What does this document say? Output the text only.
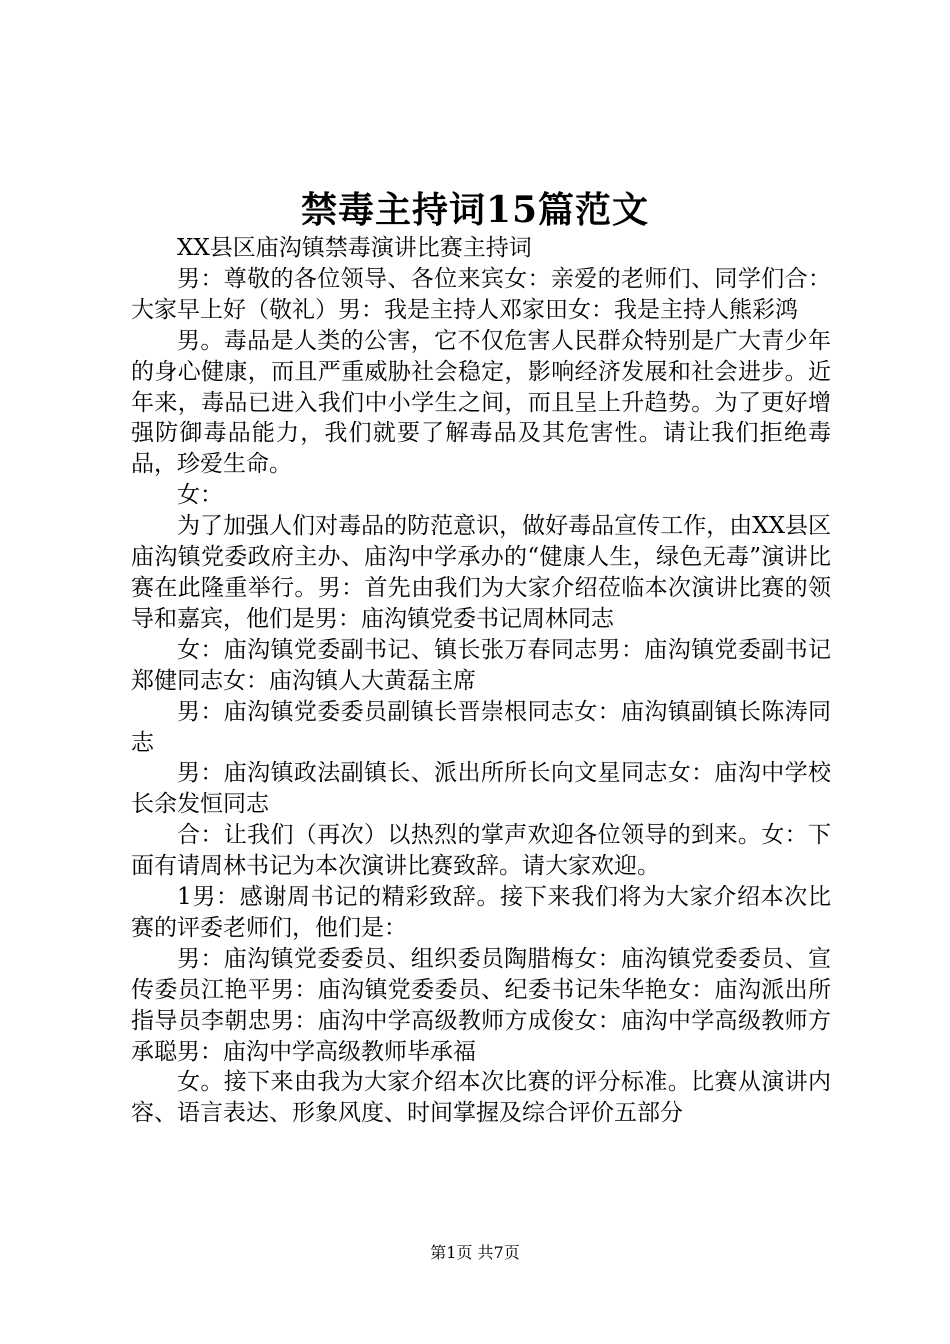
禁毒主持词15篇范文

XX县区庙沟镇禁毒演讲比赛主持词

男：尊敬的各位领导、各位来宾女：亲爱的老师们、同学们合：大家早上好（敬礼）男：我是主持人邓家田女：我是主持人熊彩鸿

男。毒品是人类的公害，它不仅危害人民群众特别是广大青少年的身心健康，而且严重威胁社会稳定，影响经济发展和社会进步。近年来，毒品已进入我们中小学生之间，而且呈上升趋势。为了更好增强防御毒品能力，我们就要了解毒品及其危害性。请让我们拒绝毒品，珍爱生命。

女：

为了加强人们对毒品的防范意识，做好毒品宣传工作，由XX县区庙沟镇党委政府主办、庙沟中学承办的“健康人生，绿色无毒”演讲比赛在此隆重举行。男：首先由我们为大家介绍莅临本次演讲比赛的领导和嘉宾，他们是男：庙沟镇党委书记周林同志

女：庙沟镇党委副书记、镇长张万春同志男：庙沟镇党委副书记郑健同志女：庙沟镇人大黄磊主席

男：庙沟镇党委委员副镇长晋崇根同志女：庙沟镇副镇长陈涛同志

男：庙沟镇政法副镇长、派出所所长向文星同志女：庙沟中学校长余发恒同志

合：让我们（再次）以热烈的掌声欢迎各位领导的到来。女：下面有请周林书记为本次演讲比赛致辞。请大家欢迎。

1男：感谢周书记的精彩致辞。接下来我们将为大家介绍本次比赛的评委老师们，他们是：

男：庙沟镇党委委员、组织委员陶腊梅女：庙沟镇党委委员、宣传委员江艳平男：庙沟镇党委委员、纪委书记朱华艳女：庙沟派出所指导员李朝忠男：庙沟中学高级教师方成俊女：庙沟中学高级教师方承聪男：庙沟中学高级教师毕承福

女。接下来由我为大家介绍本次比赛的评分标准。比赛从演讲内容、语言表达、形象风度、时间掌握及综合评价五部分

第1页 共7页
